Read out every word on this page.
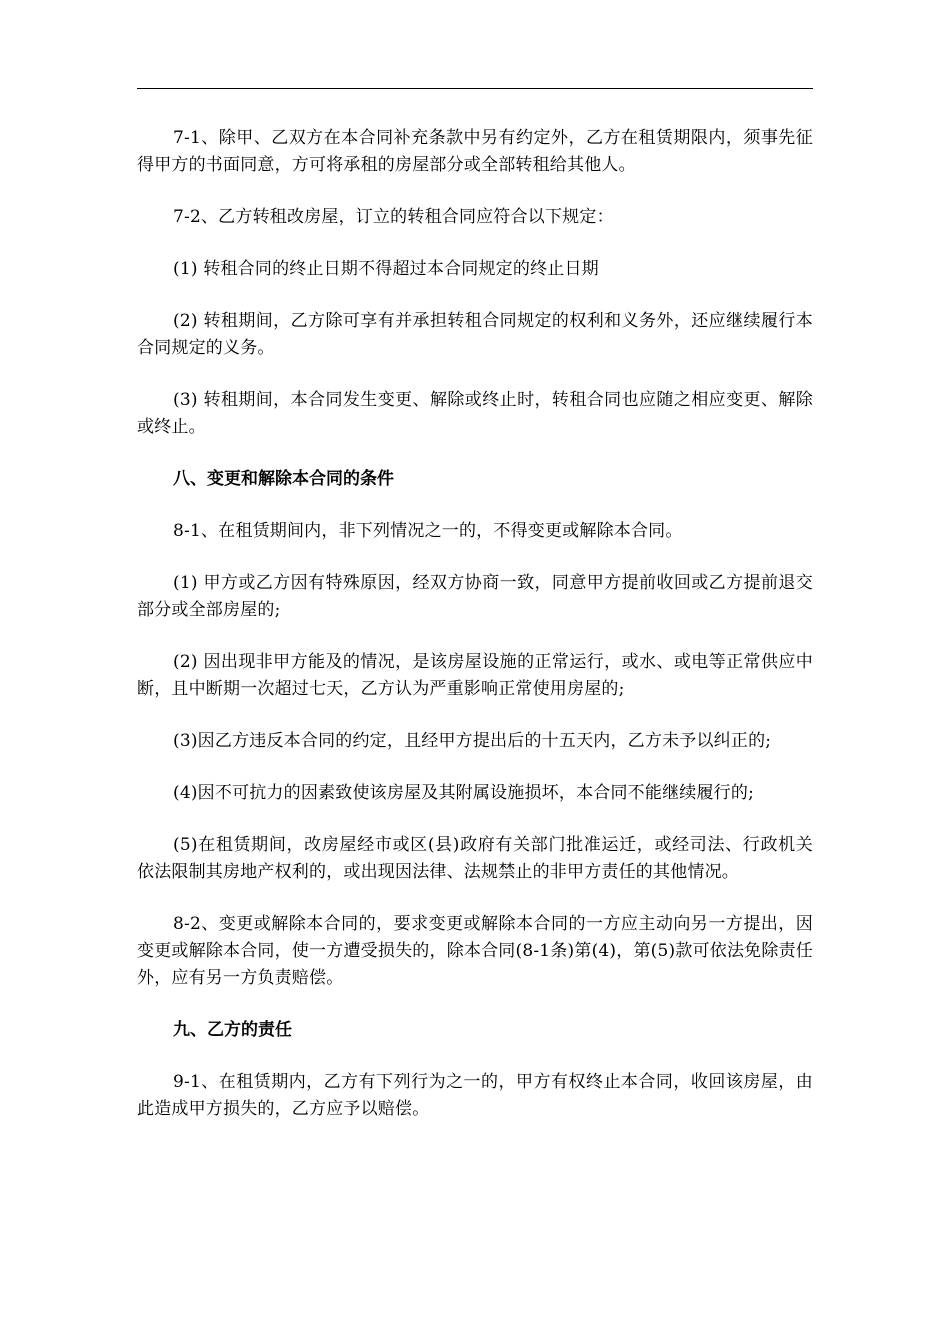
7-1、除甲、乙双方在本合同补充条款中另有约定外，乙方在租赁期限内，须事先征得甲方的书面同意，方可将承租的房屋部分或全部转租给其他人。

7-2、乙方转租改房屋，订立的转租合同应符合以下规定：

(1) 转租合同的终止日期不得超过本合同规定的终止日期

(2) 转租期间，乙方除可享有并承担转租合同规定的权利和义务外，还应继续履行本合同规定的义务。

(3) 转租期间，本合同发生变更、解除或终止时，转租合同也应随之相应变更、解除或终止。

八、变更和解除本合同的条件

8-1、在租赁期间内，非下列情况之一的，不得变更或解除本合同。

(1) 甲方或乙方因有特殊原因，经双方协商一致，同意甲方提前收回或乙方提前退交部分或全部房屋的;

(2) 因出现非甲方能及的情况，是该房屋设施的正常运行，或水、或电等正常供应中断，且中断期一次超过七天，乙方认为严重影响正常使用房屋的;

(3)因乙方违反本合同的约定，且经甲方提出后的十五天内，乙方未予以纠正的;

(4)因不可抗力的因素致使该房屋及其附属设施损坏，本合同不能继续履行的;

(5)在租赁期间，改房屋经市或区(县)政府有关部门批准运迁，或经司法、行政机关依法限制其房地产权利的，或出现因法律、法规禁止的非甲方责任的其他情况。

8-2、变更或解除本合同的，要求变更或解除本合同的一方应主动向另一方提出，因变更或解除本合同，使一方遭受损失的，除本合同(8-1条)第(4)，第(5)款可依法免除责任外，应有另一方负责赔偿。

九、乙方的责任

9-1、在租赁期内，乙方有下列行为之一的，甲方有权终止本合同，收回该房屋，由此造成甲方损失的，乙方应予以赔偿。
